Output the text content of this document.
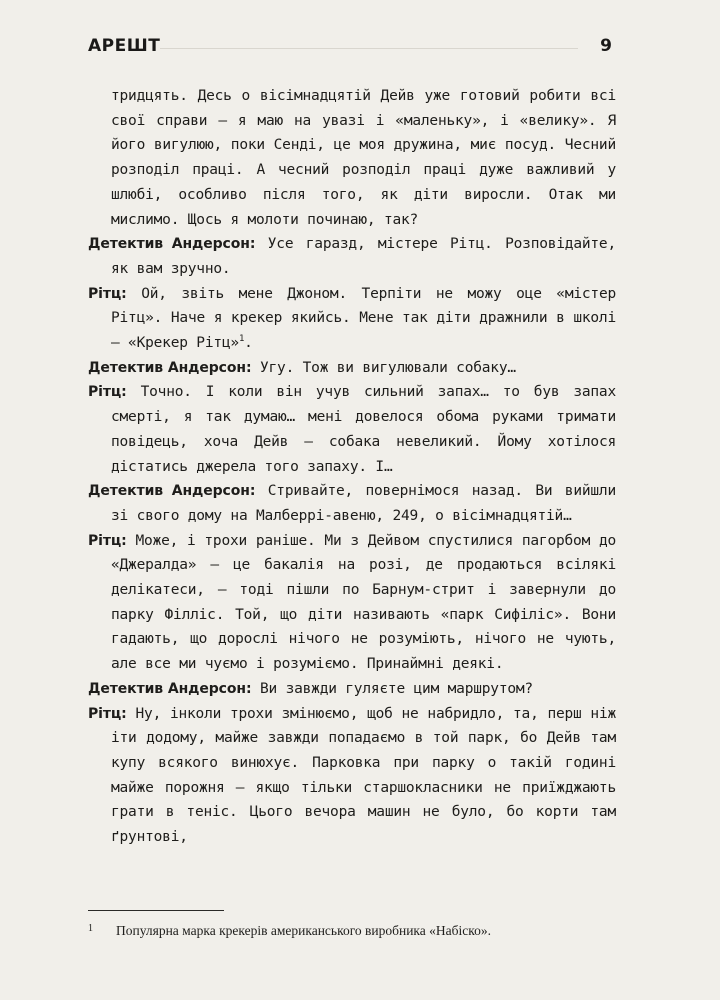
АРЕШТ	9

тридцять. Десь о вісімнадцятій Дейв уже готовий робити всі свої справи — я маю на увазі і «маленьку», і «велику». Я його вигулюю, поки Сенді, це моя дружина, миє посуд. Чесний розподіл праці. А чесний розподіл праці дуже важливий у шлюбі, особливо після того, як діти виросли. Отак ми мислимо. Щось я молоти починаю, так?

Детектив Андерсон: Усе гаразд, містере Рітц. Розповідайте, як вам зручно.

Рітц: Ой, звіть мене Джоном. Терпіти не можу оце «містер Рітц». Наче я крекер якийсь. Мене так діти дражнили в школі — «Крекер Рітц»$^1$.

Детектив Андерсон: Угу. Тож ви вигулювали собаку…

Рітц: Точно. І коли він учув сильний запах… то був запах смерті, я так думаю… мені довелося обома руками тримати повідець, хоча Дейв — собака невеликий. Йому хотілося дістатись джерела того запаху. І…

Детектив Андерсон: Стривайте, повернімося назад. Ви вийшли зі свого дому на Малберрі-авеню, 249, о вісімнадцятій…

Рітц: Може, і трохи раніше. Ми з Дейвом спустилися пагорбом до «Джералда» — це бакалія на розі, де продаються всілякі делікатеси, — тоді пішли по Барнум-стрит і завернули до парку Філліс. Той, що діти називають «парк Сифіліс». Вони гадають, що дорослі нічого не розуміють, нічого не чують, але все ми чуємо і розуміємо. Принаймні деякі.

Детектив Андерсон: Ви завжди гуляєте цим маршрутом?

Рітц: Ну, інколи трохи змінюємо, щоб не набридло, та, перш ніж іти додому, майже завжди попадаємо в той парк, бо Дейв там купу всякого винюхує. Парковка при парку о такій годині майже порожня — якщо тільки старшокласники не приїжджають грати в теніс. Цього вечора машин не було, бо корти там ґрунтові,

1 Популярна марка крекерів американського виробника «Набіско».
